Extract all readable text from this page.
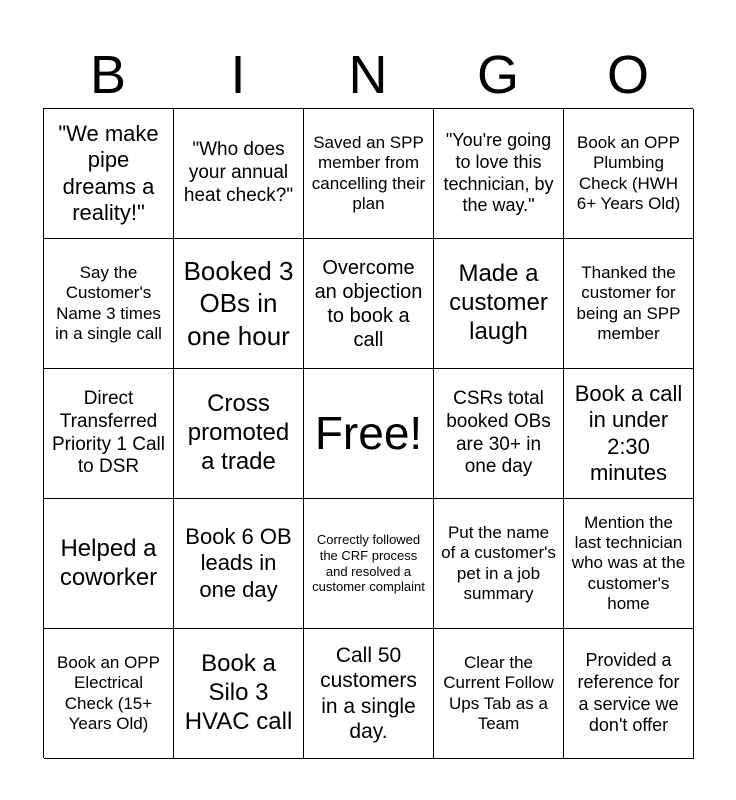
B	I	N	G	O
"We make pipe dreams a reality!"
"Who does your annual heat check?"
Saved an SPP member from cancelling their plan
"You're going to love this technician, by the way."
Book an OPP Plumbing Check (HWH 6+ Years Old)
Say the Customer's Name 3 times in a single call
Booked 3 OBs in one hour
Overcome an objection to book a call
Made a customer laugh
Thanked the customer for being an SPP member
Direct Transferred Priority 1 Call to DSR
Cross promoted a trade
Free!
CSRs total booked OBs are 30+ in one day
Book a call in under 2:30 minutes
Helped a coworker
Book 6 OB leads in one day
Correctly followed the CRF process and resolved a customer complaint
Put the name of a customer's pet in a job summary
Mention the last technician who was at the customer's home
Book an OPP Electrical Check (15+ Years Old)
Book a Silo 3 HVAC call
Call 50 customers in a single day.
Clear the Current Follow Ups Tab as a Team
Provided a reference for a service we don't offer
